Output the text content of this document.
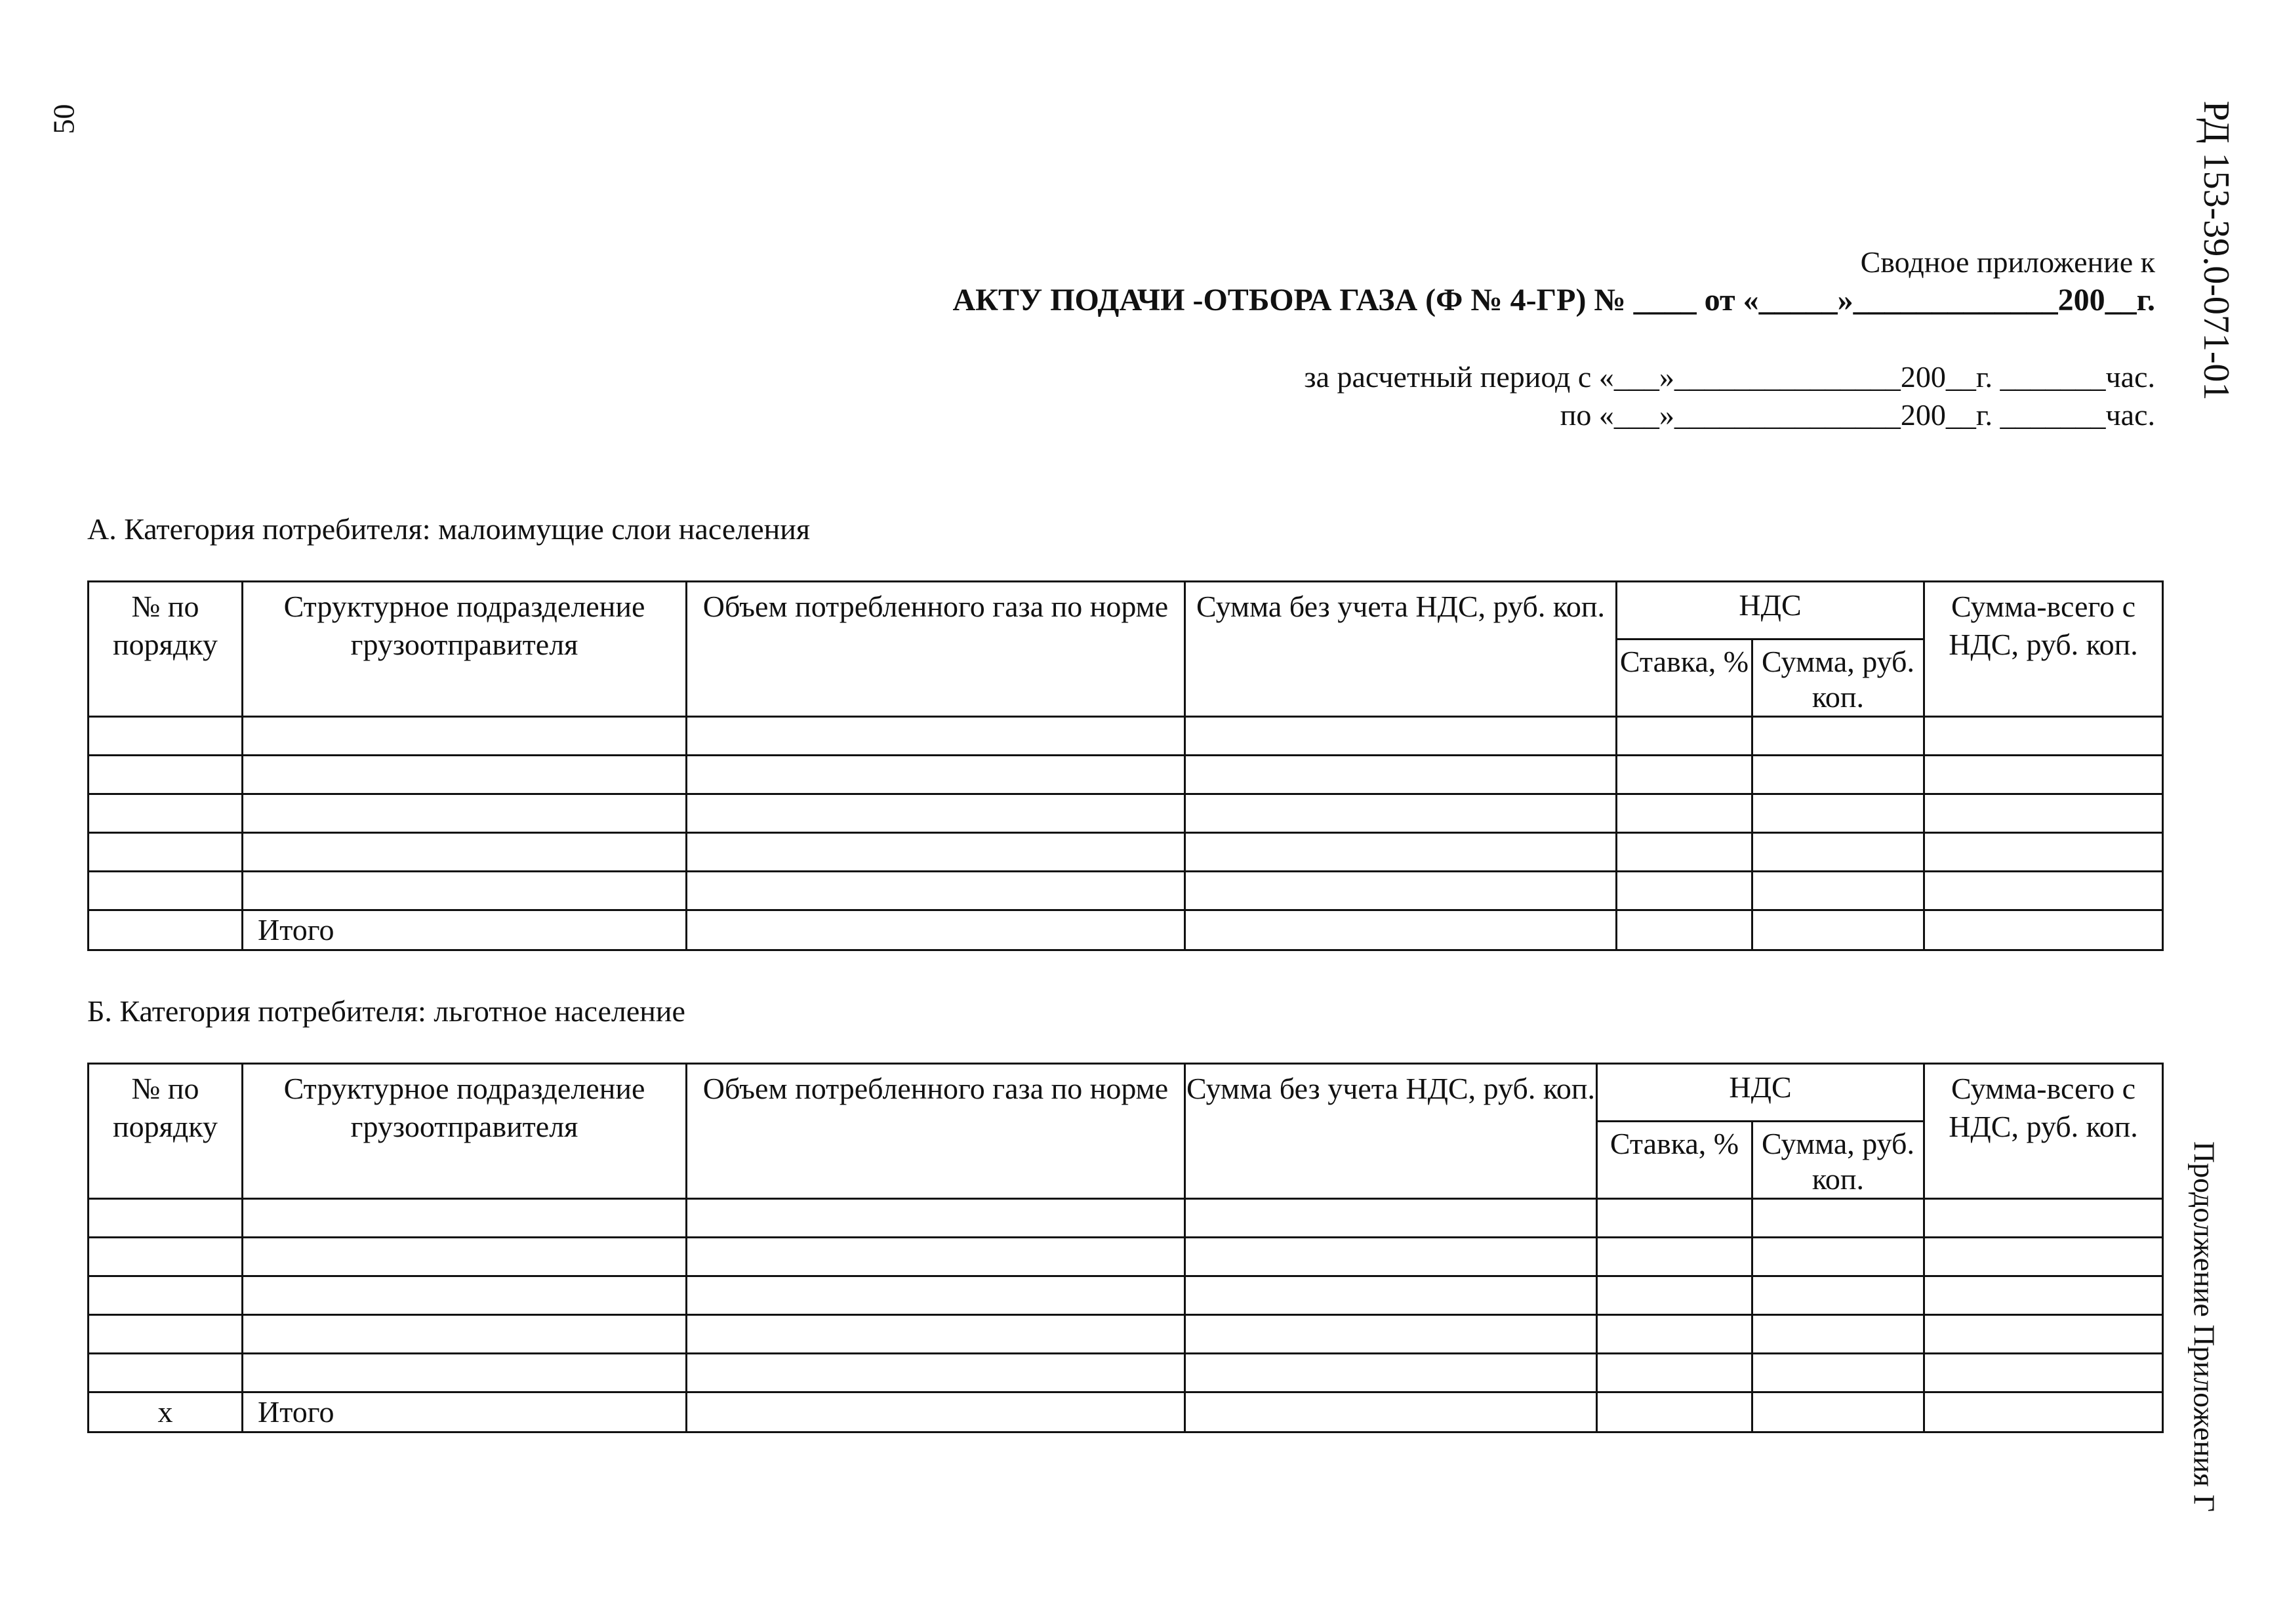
50	РД 153-39.0-071-01
Продолжение Приложения Г
Сводное приложение к
АКТУ ПОДАЧИ -ОТБОРА ГАЗА (Ф № 4-ГР) № ____ от «_____»_____________200__г.
за расчетный период с «___»_______________200__г. _______час.
по «___»_______________200__г. _______час.
А. Категория потребителя: малоимущие слои населения
№ по порядку	Структурное подразделение грузоотправителя	Объем потребленного газа по норме	Сумма без учета НДС, руб. коп.	НДС		Сумма-всего с НДС, руб. коп.
				Ставка, %	Сумма, руб. коп.	

	Итого					
Б. Категория потребителя: льготное население
№ по порядку	Структурное подразделение грузоотправителя	Объем потребленного газа по норме	Сумма без учета НДС, руб. коп.	НДС		Сумма-всего с НДС, руб. коп.
				Ставка, %	Сумма, руб. коп.	

х	Итого					
